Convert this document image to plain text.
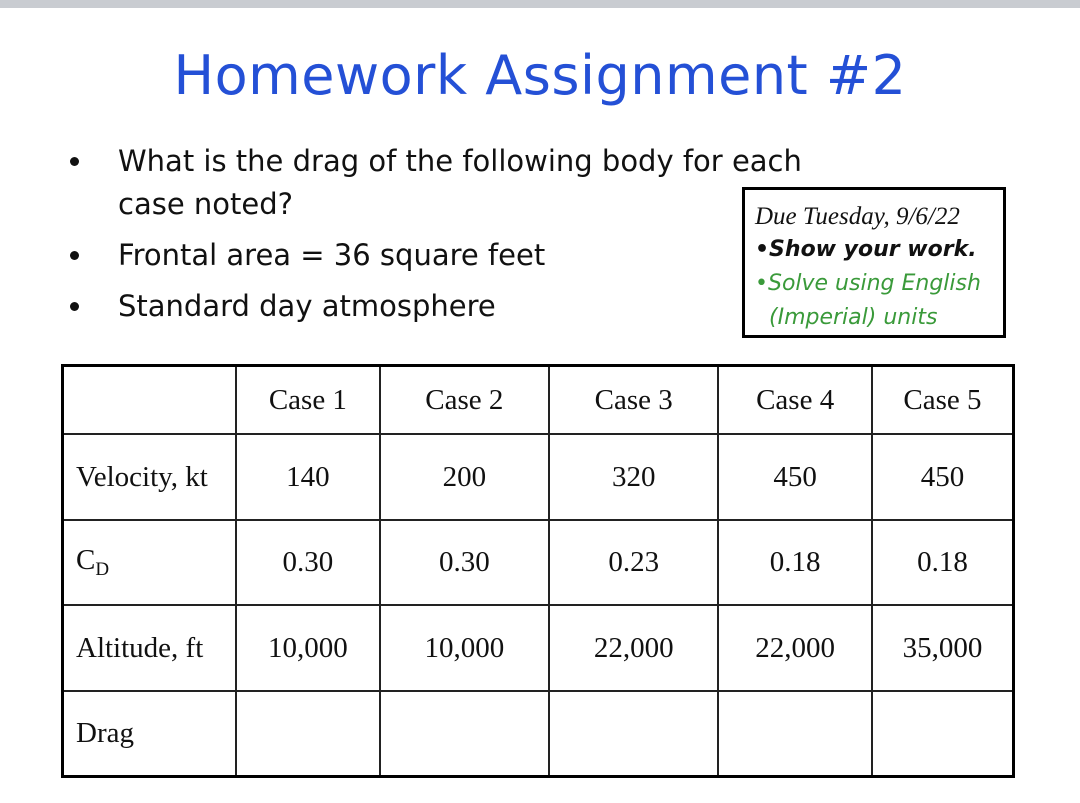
Homework Assignment #2
What is the drag of the following body for each case noted?
Frontal area = 36 square feet
Standard day atmosphere
Due Tuesday, 9/6/22
•Show your work.
•Solve using English
(Imperial) units
	Case 1	Case 2	Case 3	Case 4	Case 5
Velocity, kt	140	200	320	450	450
$C_D$	0.30	0.30	0.23	0.18	0.18
Altitude, ft	10,000	10,000	22,000	22,000	35,000
Drag					
